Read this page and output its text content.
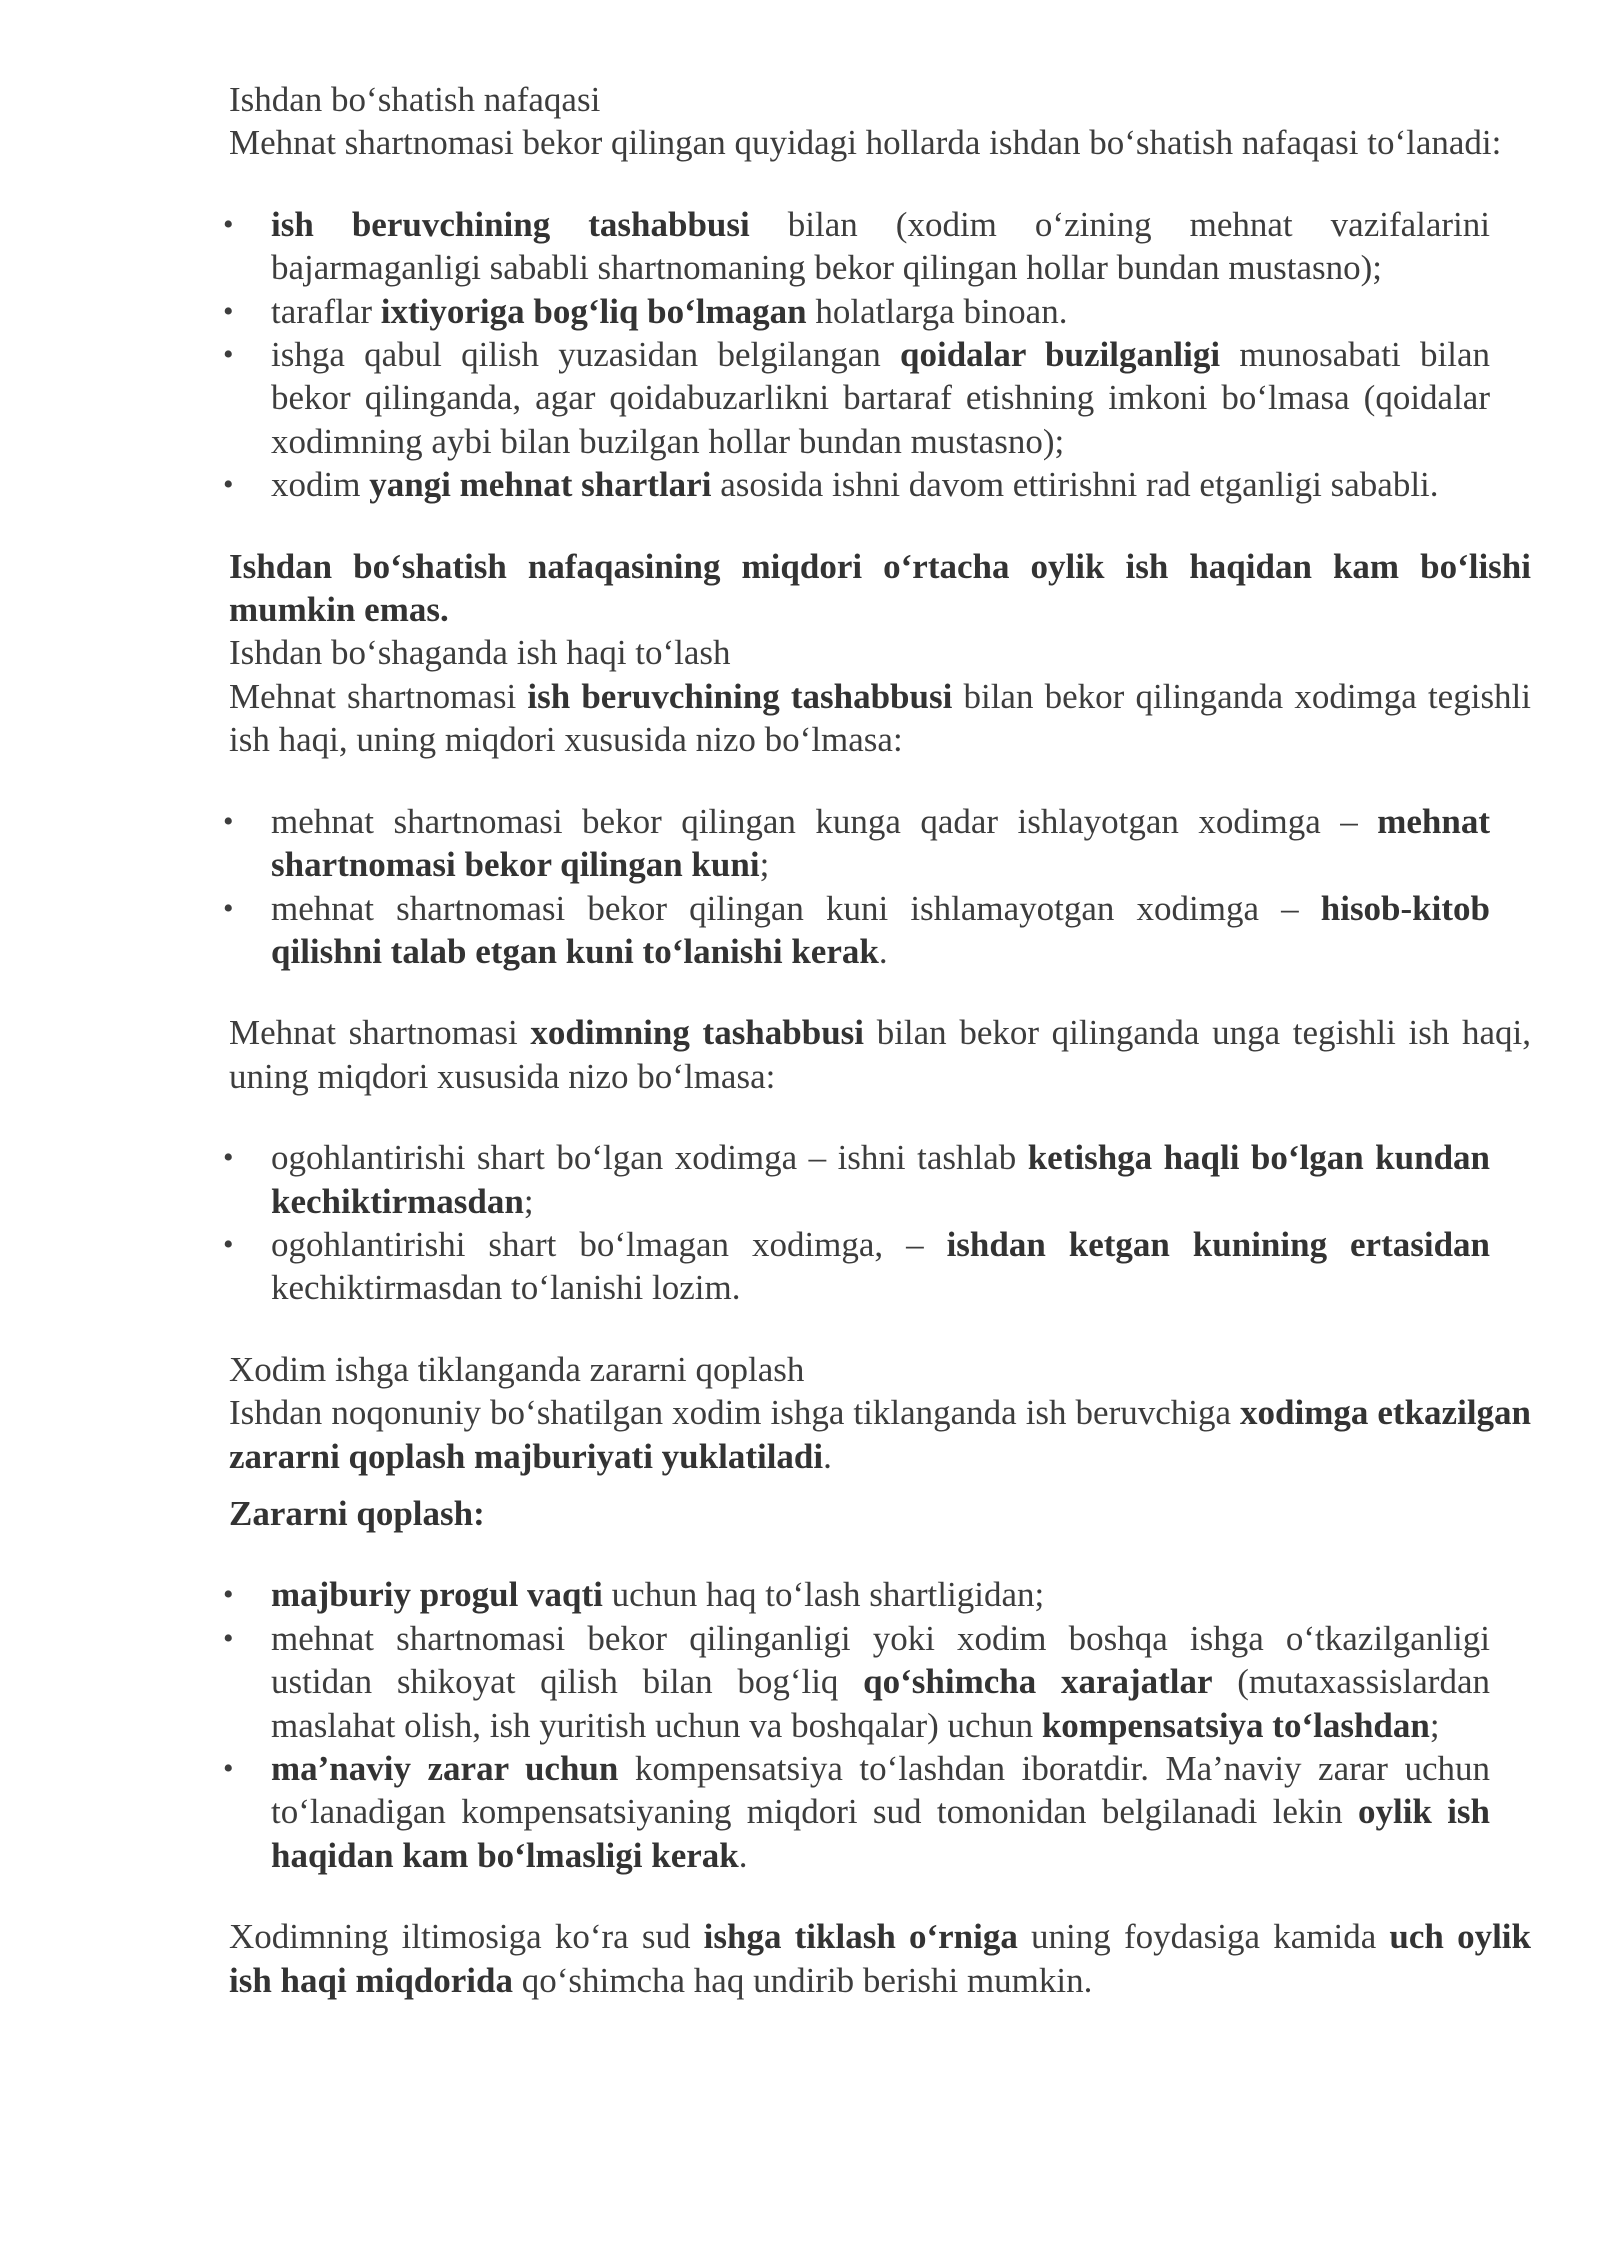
Ishdan bo‘shatish nafaqasi

Mehnat shartnomasi bekor qilingan quyidagi hollarda ishdan bo‘shatish nafaqasi to‘lanadi:

• ish beruvchining tashabbusi bilan (xodim o‘zining mehnat vazifalarini bajarmaganligi sababli shartnomaning bekor qilingan hollar bundan mustasno);
• taraflar ixtiyoriga bog‘liq bo‘lmagan holatlarga binoan.
• ishga qabul qilish yuzasidan belgilangan qoidalar buzilganligi munosabati bilan bekor qilinganda, agar qoidabuzarlikni bartaraf etishning imkoni bo‘lmasa (qoidalar xodimning aybi bilan buzilgan hollar bundan mustasno);
• xodim yangi mehnat shartlari asosida ishni davom ettirishni rad etganligi sababli.

Ishdan bo‘shatish nafaqasining miqdori o‘rtacha oylik ish haqidan kam bo‘lishi mumkin emas.

Ishdan bo‘shaganda ish haqi to‘lash

Mehnat shartnomasi ish beruvchining tashabbusi bilan bekor qilinganda xodimga tegishli ish haqi, uning miqdori xususida nizo bo‘lmasa:

• mehnat shartnomasi bekor qilingan kunga qadar ishlayotgan xodimga – mehnat shartnomasi bekor qilingan kuni;
• mehnat shartnomasi bekor qilingan kuni ishlamayotgan xodimga – hisob-kitob qilishni talab etgan kuni to‘lanishi kerak.

Mehnat shartnomasi xodimning tashabbusi bilan bekor qilinganda unga tegishli ish haqi, uning miqdori xususida nizo bo‘lmasa:

• ogohlantirishi shart bo‘lgan xodimga – ishni tashlab ketishga haqli bo‘lgan kundan kechiktirmasdan;
• ogohlantirishi shart bo‘lmagan xodimga, – ishdan ketgan kunining ertasidan kechiktirmasdan to‘lanishi lozim.

Xodim ishga tiklanganda zararni qoplash

Ishdan noqonuniy bo‘shatilgan xodim ishga tiklanganda ish beruvchiga xodimga etkazilgan zararni qoplash majburiyati yuklatiladi.

Zararni qoplash:

• majburiy progul vaqti uchun haq to‘lash shartligidan;
• mehnat shartnomasi bekor qilinganligi yoki xodim boshqa ishga o‘tkazilganligi ustidan shikoyat qilish bilan bog‘liq qo‘shimcha xarajatlar (mutaxassislardan maslahat olish, ish yuritish uchun va boshqalar) uchun kompensatsiya to‘lashdan;
• ma’naviy zarar uchun kompensatsiya to‘lashdan iboratdir. Ma’naviy zarar uchun to‘lanadigan kompensatsiyaning miqdori sud tomonidan belgilanadi lekin oylik ish haqidan kam bo‘lmasligi kerak.

Xodimning iltimosiga ko‘ra sud ishga tiklash o‘rniga uning foydasiga kamida uch oylik ish haqi miqdorida qo‘shimcha haq undirib berishi mumkin.
